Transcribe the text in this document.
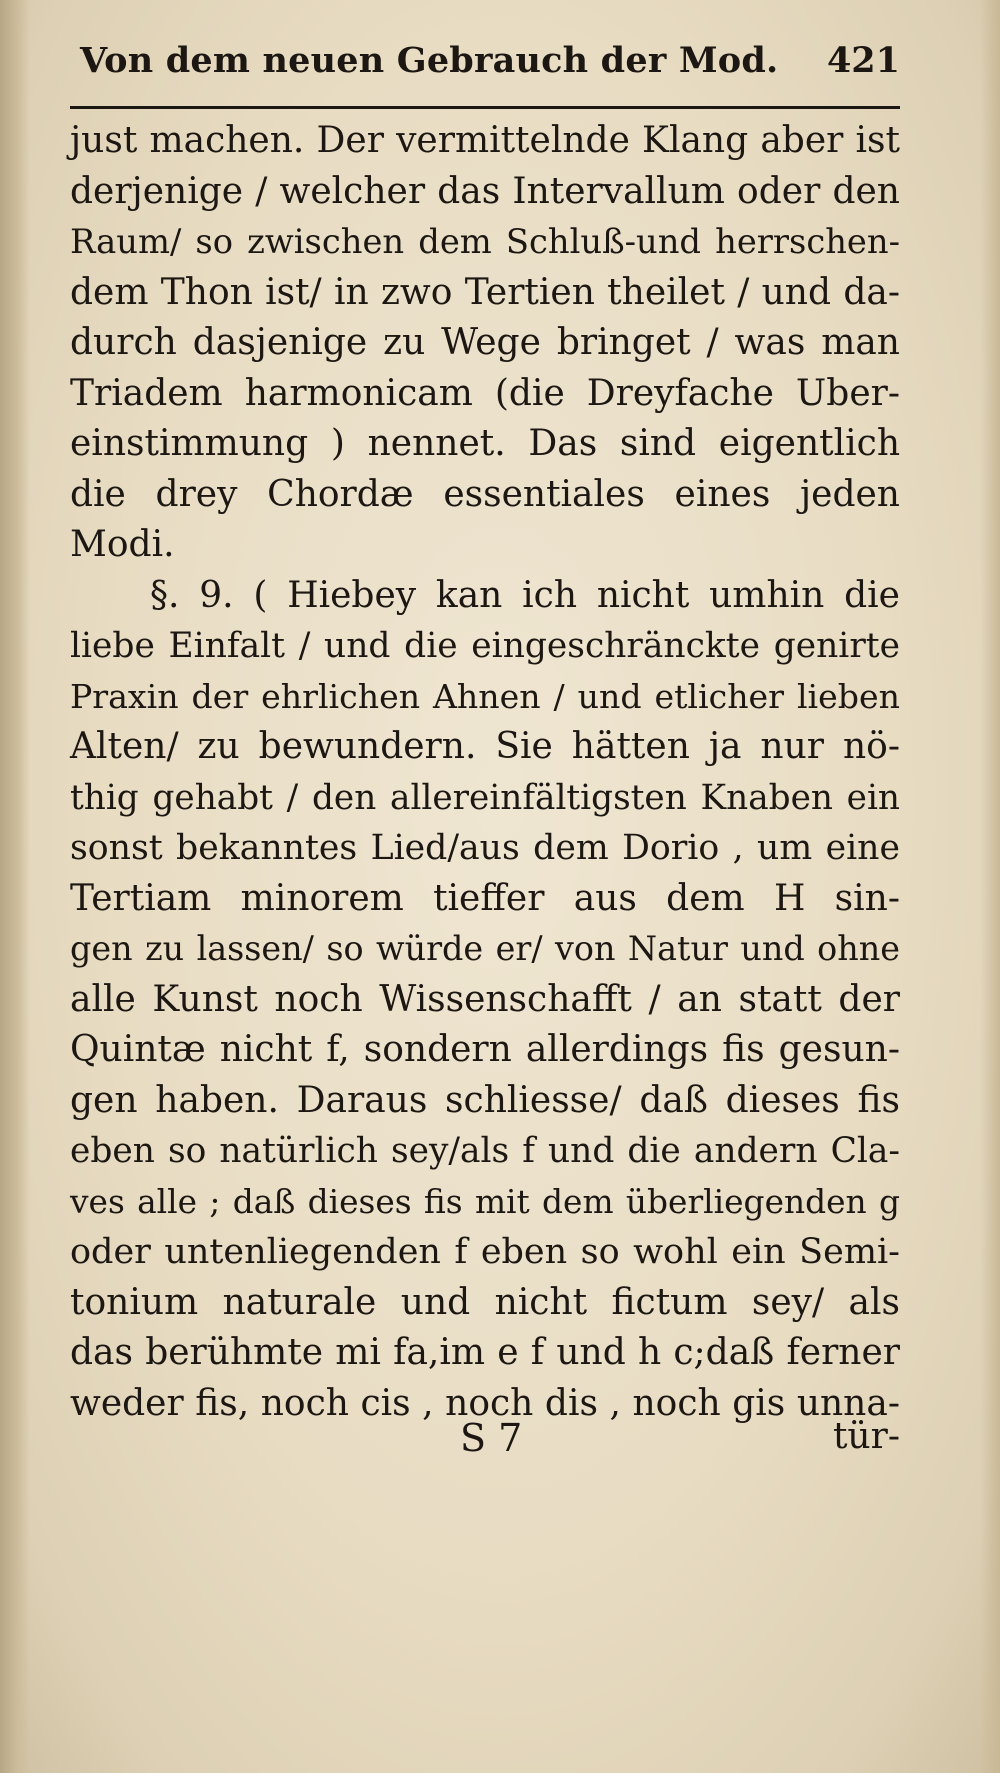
Von dem neuen Gebrauch der Mod. 421
just machen. Der vermittelnde Klang aber ist
derjenige / welcher das Intervallum oder den
Raum/ so zwischen dem Schluß-und herrschen-
dem Thon ist/ in zwo Tertien theilet / und da-
durch dasjenige zu Wege bringet / was man
Triadem harmonicam (die Dreyfache Uber-
einstimmung ) nennet. Das sind eigentlich
die drey Chordæ essentiales eines jeden
Modi.
§. 9. ( Hiebey kan ich nicht umhin die
liebe Einfalt / und die eingeschränckte genirte
Praxin der ehrlichen Ahnen / und etlicher lieben
Alten/ zu bewundern. Sie hätten ja nur nö-
thig gehabt / den allereinfältigsten Knaben ein
sonst bekanntes Lied/aus dem Dorio , um eine
Tertiam minorem tieffer aus dem H sin-
gen zu lassen/ so würde er/ von Natur und ohne
alle Kunst noch Wissenschafft / an statt der
Quintæ nicht f, sondern allerdings fis gesun-
gen haben. Daraus schliesse/ daß dieses fis
eben so natürlich sey/als f und die andern Cla-
ves alle ; daß dieses fis mit dem überliegenden g
oder untenliegenden f eben so wohl ein Semi-
tonium naturale und nicht fictum sey/ als
das berühmte mi fa,im e f und h c;daß ferner
weder fis, noch cis , noch dis , noch gis unna-
S 7	tür-
